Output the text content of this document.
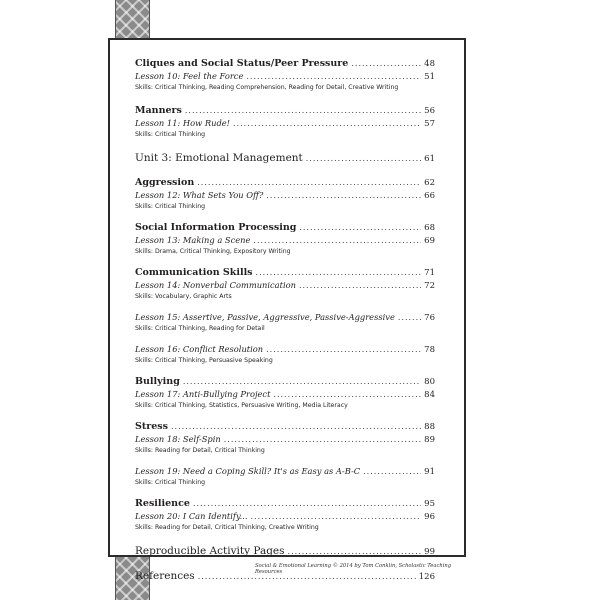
Cliques and Social Status/Peer Pressure .....	48
Lesson 10: Feel the Force .....	51
Skills: Critical Thinking, Reading Comprehension, Reading for Detail, Creative Writing
Manners .....	56
Lesson 11: How Rude! .....	57
Skills: Critical Thinking
Unit 3: Emotional Management .....	61
Aggression .....	62
Lesson 12: What Sets You Off? .....	66
Skills: Critical Thinking
Social Information Processing .....	68
Lesson 13: Making a Scene .....	69
Skills: Drama, Critical Thinking, Expository Writing
Communication Skills .....	71
Lesson 14: Nonverbal Communication .....	72
Skills: Vocabulary, Graphic Arts
Lesson 15: Assertive, Passive, Aggressive, Passive-Aggressive .....	76
Skills: Critical Thinking, Reading for Detail
Lesson 16: Conflict Resolution .....	78
Skills: Critical Thinking, Persuasive Speaking
Bullying .....	80
Lesson 17: Anti-Bullying Project .....	84
Skills: Critical Thinking, Statistics, Persuasive Writing, Media Literacy
Stress .....	88
Lesson 18: Self-Spin .....	89
Skills: Reading for Detail, Critical Thinking
Lesson 19: Need a Coping Skill? It's as Easy as A-B-C .....	91
Skills: Critical Thinking
Resilience .....	95
Lesson 20: I Can Identify... .....	96
Skills: Reading for Detail, Critical Thinking, Creative Writing
Reproducible Activity Pages .....	99
References .....	126
Social & Emotional Learning © 2014 by Tom Conklin, Scholastic Teaching Resources
